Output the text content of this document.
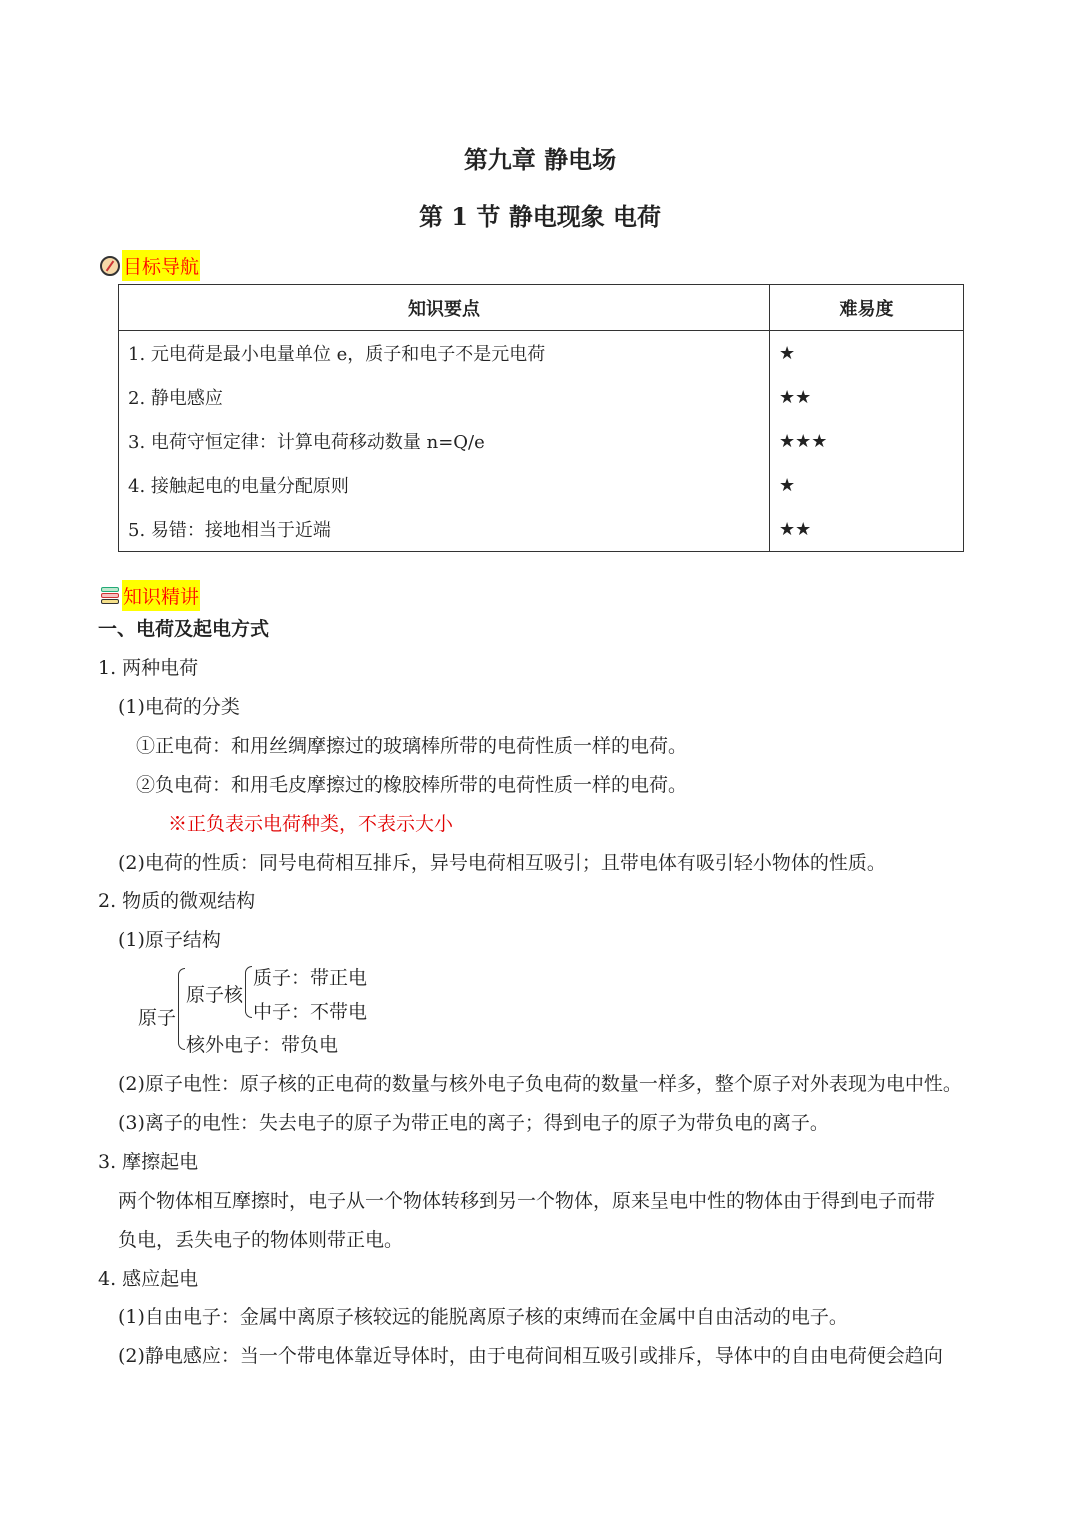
第九章 静电场
第 1 节 静电现象 电荷
目标导航
知识要点	难易度
1. 元电荷是最小电量单位 e，质子和电子不是元电荷	★
2. 静电感应	★★
3. 电荷守恒定律：计算电荷移动数量 n=Q/e	★★★
4. 接触起电的电量分配原则	★
5. 易错：接地相当于近端	★★
知识精讲
一、电荷及起电方式
1. 两种电荷
(1)电荷的分类
①正电荷：和用丝绸摩擦过的玻璃棒所带的电荷性质一样的电荷。
②负电荷：和用毛皮摩擦过的橡胶棒所带的电荷性质一样的电荷。
※正负表示电荷种类，不表示大小
(2)电荷的性质：同号电荷相互排斥，异号电荷相互吸引；且带电体有吸引轻小物体的性质。
2. 物质的微观结构
(1)原子结构
原子
原子核
质子：带正电
中子：不带电
核外电子：带负电
(2)原子电性：原子核的正电荷的数量与核外电子负电荷的数量一样多，整个原子对外表现为电中性。
(3)离子的电性：失去电子的原子为带正电的离子；得到电子的原子为带负电的离子。
3. 摩擦起电
两个物体相互摩擦时，电子从一个物体转移到另一个物体，原来呈电中性的物体由于得到电子而带
负电，丢失电子的物体则带正电。
4. 感应起电
(1)自由电子：金属中离原子核较远的能脱离原子核的束缚而在金属中自由活动的电子。
(2)静电感应：当一个带电体靠近导体时，由于电荷间相互吸引或排斥，导体中的自由电荷便会趋向
